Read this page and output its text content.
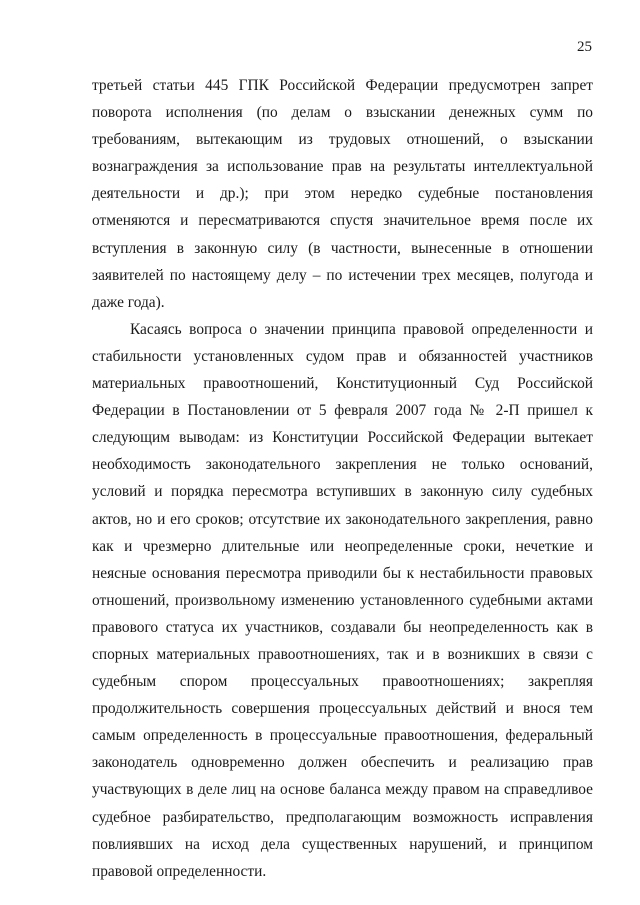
25
третьей статьи 445 ГПК Российской Федерации предусмотрен запрет
поворота исполнения (по делам о взыскании денежных сумм по
требованиям, вытекающим из трудовых отношений, о взыскании
вознаграждения за использование прав на результаты интеллектуальной
деятельности и др.); при этом нередко судебные постановления
отменяются и пересматриваются спустя значительное время после их
вступления в законную силу (в частности, вынесенные в отношении
заявителей по настоящему делу – по истечении трех месяцев, полугода и
даже года).
Касаясь вопроса о значении принципа правовой определенности и
стабильности установленных судом прав и обязанностей участников
материальных правоотношений, Конституционный Суд Российской
Федерации в Постановлении от 5 февраля 2007 года № 2-П пришел к
следующим выводам: из Конституции Российской Федерации вытекает
необходимость законодательного закрепления не только оснований,
условий и порядка пересмотра вступивших в законную силу судебных
актов, но и его сроков; отсутствие их законодательного закрепления, равно
как и чрезмерно длительные или неопределенные сроки, нечеткие и
неясные основания пересмотра приводили бы к нестабильности правовых
отношений, произвольному изменению установленного судебными актами
правового статуса их участников, создавали бы неопределенность как в
спорных материальных правоотношениях, так и в возникших в связи с
судебным спором процессуальных правоотношениях; закрепляя
продолжительность совершения процессуальных действий и внося тем
самым определенность в процессуальные правоотношения, федеральный
законодатель одновременно должен обеспечить и реализацию прав
участвующих в деле лиц на основе баланса между правом на справедливое
судебное разбирательство, предполагающим возможность исправления
повлиявших на исход дела существенных нарушений, и принципом
правовой определенности.
